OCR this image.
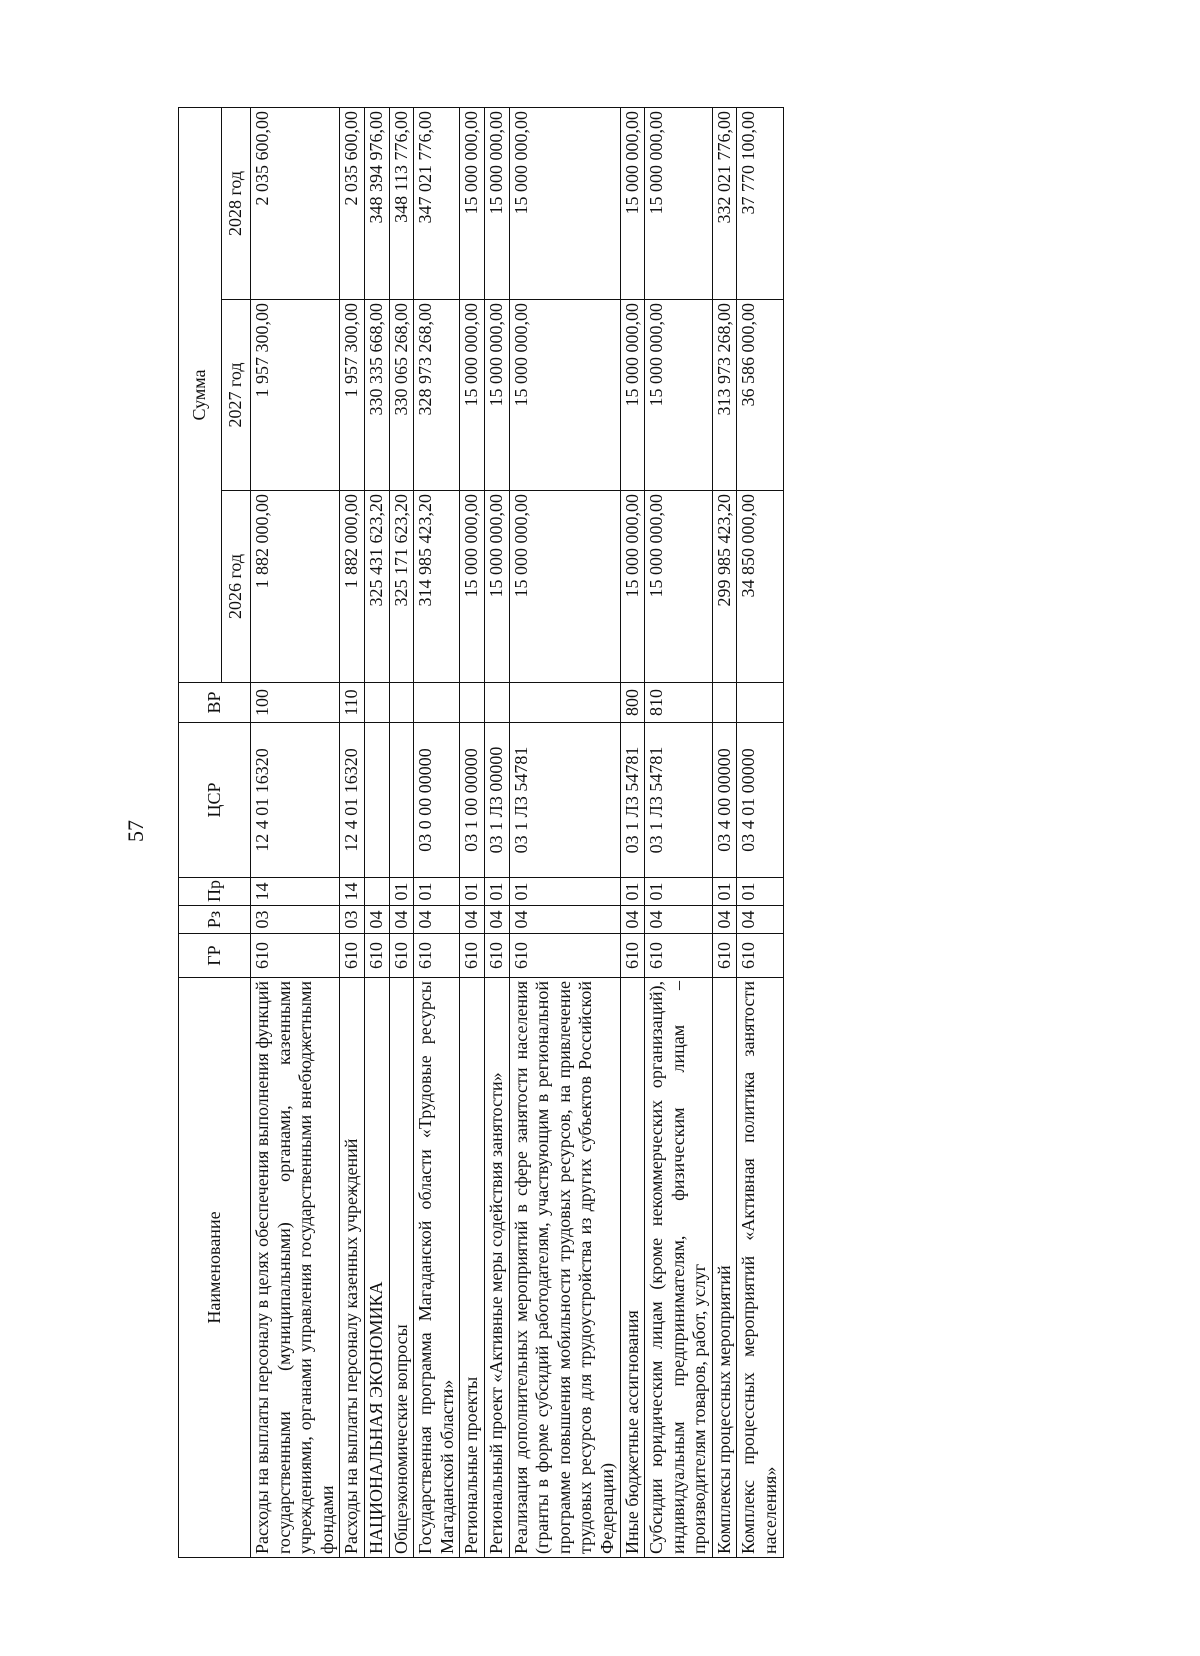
57
Наименование	ГР	Рз	Пр	ЦСР	ВР	Сумма		
						2026 год	2027 год	2028 год
Расходы на выплаты персоналу в целях обеспечения выполнения функций государственными (муниципальными) органами, казенными учреждениями, органами управления государственными внебюджетными фондами	610	03	14	12 4 01 16320	100	1 882 000,00	1 957 300,00	2 035 600,00
Расходы на выплаты персоналу казенных учреждений	610	03	14	12 4 01 16320	110	1 882 000,00	1 957 300,00	2 035 600,00
НАЦИОНАЛЬНАЯ ЭКОНОМИКА	610	04				325 431 623,20	330 335 668,00	348 394 976,00
Общеэкономические вопросы	610	04	01			325 171 623,20	330 065 268,00	348 113 776,00
Государственная программа Магаданской области «Трудовые ресурсы Магаданской области»	610	04	01	03 0 00 00000		314 985 423,20	328 973 268,00	347 021 776,00
Региональные проекты	610	04	01	03 1 00 00000		15 000 000,00	15 000 000,00	15 000 000,00
Региональный проект «Активные меры содействия занятости»	610	04	01	03 1 Л3 00000		15 000 000,00	15 000 000,00	15 000 000,00
Реализация дополнительных мероприятий в сфере занятости населения (гранты в форме субсидий работодателям, участвующим в региональной программе повышения мобильности трудовых ресурсов, на привлечение трудовых ресурсов для трудоустройства из других субъектов Российской Федерации)	610	04	01	03 1 Л3 54781		15 000 000,00	15 000 000,00	15 000 000,00
Иные бюджетные ассигнования	610	04	01	03 1 Л3 54781	800	15 000 000,00	15 000 000,00	15 000 000,00
Субсидии юридическим лицам (кроме некоммерческих организаций), индивидуальным предпринимателям, физическим лицам – производителям товаров, работ, услуг	610	04	01	03 1 Л3 54781	810	15 000 000,00	15 000 000,00	15 000 000,00
Комплексы процессных мероприятий	610	04	01	03 4 00 00000		299 985 423,20	313 973 268,00	332 021 776,00
Комплекс процессных мероприятий «Активная политика занятости населения»	610	04	01	03 4 01 00000		34 850 000,00	36 586 000,00	37 770 100,00
